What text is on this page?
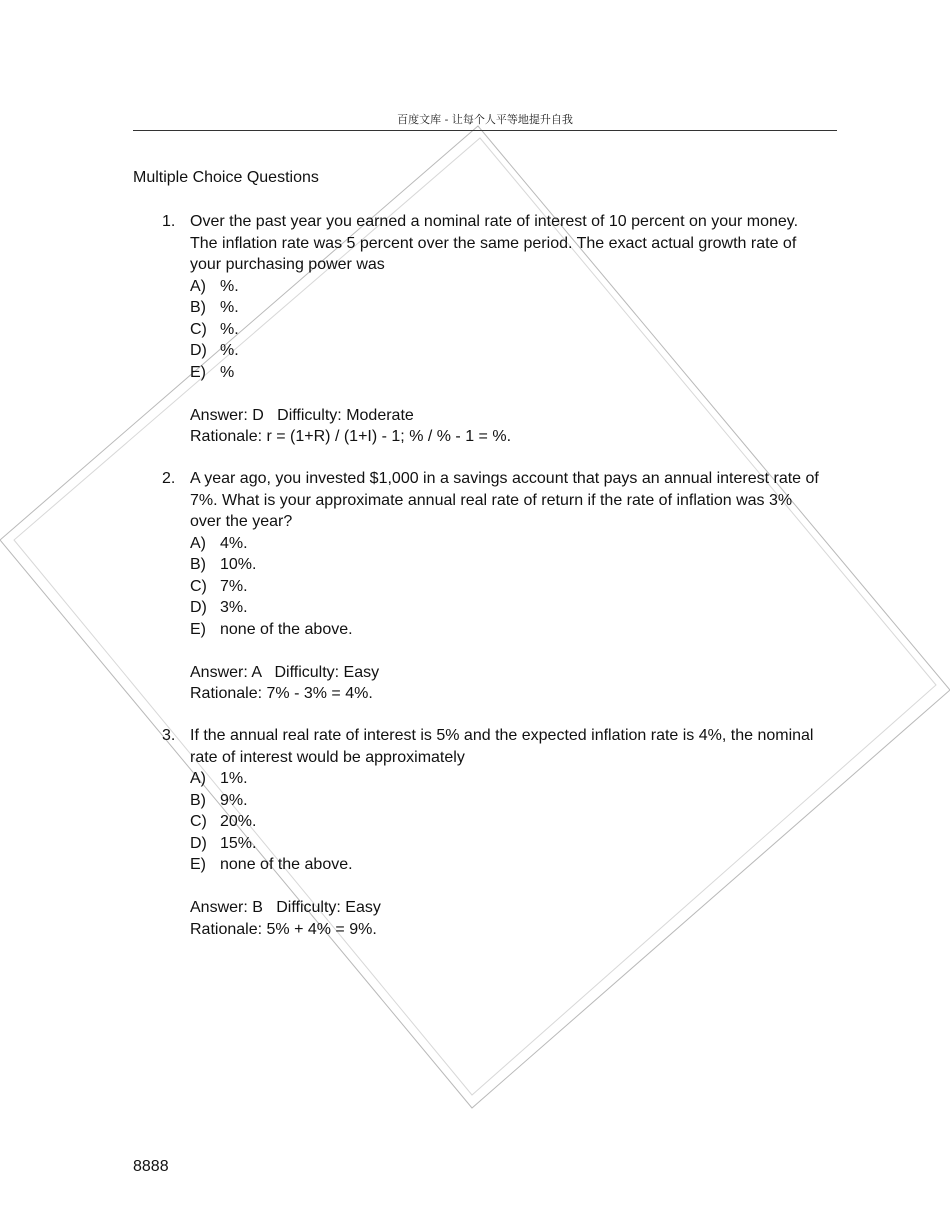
百度文库 - 让每个人平等地提升自我
Multiple Choice Questions
1. Over the past year you earned a nominal rate of interest of 10 percent on your money.
The inflation rate was 5 percent over the same period. The exact actual growth rate of
your purchasing power was
A) %.
B) %.
C) %.
D) %.
E) %
Answer: D   Difficulty: Moderate
Rationale: r = (1+R) / (1+I) - 1; % / % - 1 = %.
2. A year ago, you invested $1,000 in a savings account that pays an annual interest rate of
7%. What is your approximate annual real rate of return if the rate of inflation was 3%
over the year?
A) 4%.
B) 10%.
C) 7%.
D) 3%.
E) none of the above.
Answer: A   Difficulty: Easy
Rationale: 7% - 3% = 4%.
3. If the annual real rate of interest is 5% and the expected inflation rate is 4%, the nominal
rate of interest would be approximately
A) 1%.
B) 9%.
C) 20%.
D) 15%.
E) none of the above.
Answer: B   Difficulty: Easy
Rationale: 5% + 4% = 9%.
8888
